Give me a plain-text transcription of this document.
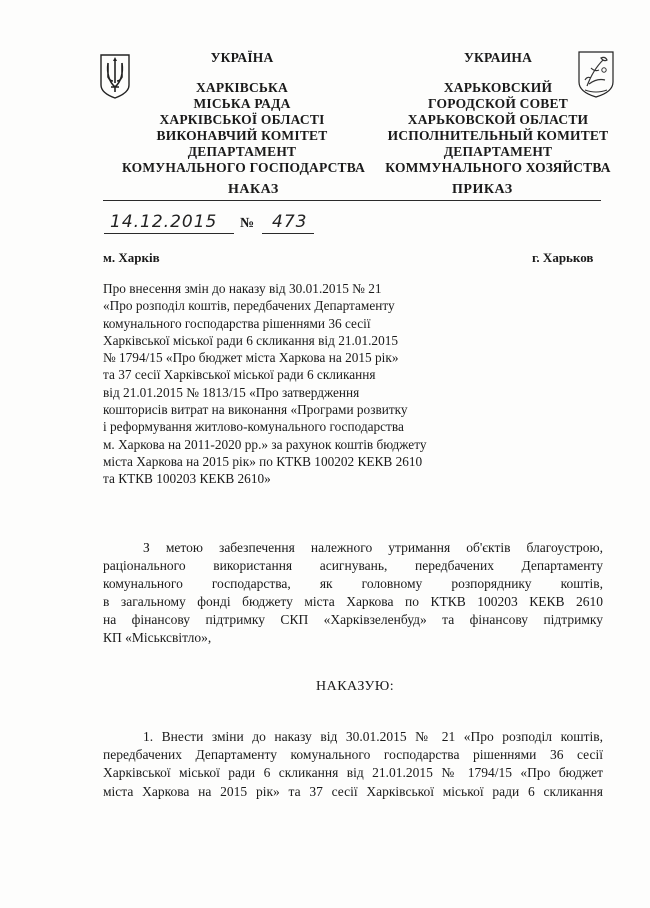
УКРАЇНА
ХАРКІВСЬКА
МІСЬКА РАДА
ХАРКІВСЬКОЇ ОБЛАСТІ
ВИКОНАВЧИЙ КОМІТЕТ
ДЕПАРТАМЕНТ
КОМУНАЛЬНОГО ГОСПОДАРСТВА
УКРАИНА
ХАРЬКОВСКИЙ
ГОРОДСКОЙ СОВЕТ
ХАРЬКОВСКОЙ ОБЛАСТИ
ИСПОЛНИТЕЛЬНЫЙ КОМИТЕТ
ДЕПАРТАМЕНТ
КОММУНАЛЬНОГО ХОЗЯЙСТВА
НАКАЗ	ПРИКАЗ
14.12.2015 № 473
м. Харків	г. Харьков
Про внесення змін до наказу від 30.01.2015 № 21
«Про розподіл коштів, передбачених Департаменту
комунального господарства рішеннями 36 сесії
Харківської міської ради 6 скликання від 21.01.2015
№ 1794/15 «Про бюджет міста Харкова на 2015 рік»
та 37 сесії Харківської міської ради 6 скликання
від 21.01.2015 № 1813/15 «Про затвердження
кошторисів витрат на виконання «Програми розвитку
і реформування житлово-комунального господарства
м. Харкова на 2011-2020 рр.» за рахунок коштів бюджету
міста Харкова на 2015 рік» по КТКВ 100202 КЕКВ 2610
та КТКВ 100203 КЕКВ 2610»
З метою забезпечення належного утримання об'єктів благоустрою,
раціонального використання асигнувань, передбачених Департаменту
комунального господарства, як головному розпоряднику коштів,
в загальному фонді бюджету міста Харкова по КТКВ 100203 КЕКВ 2610
на фінансову підтримку СКП «Харківзеленбуд» та фінансову підтримку
КП «Міськсвітло»,
НАКАЗУЮ:
1. Внести зміни до наказу від 30.01.2015 № 21 «Про розподіл коштів,
передбачених Департаменту комунального господарства рішеннями 36 сесії
Харківської міської ради 6 скликання від 21.01.2015 № 1794/15 «Про бюджет
міста Харкова на 2015 рік» та 37 сесії Харківської міської ради 6 скликання
